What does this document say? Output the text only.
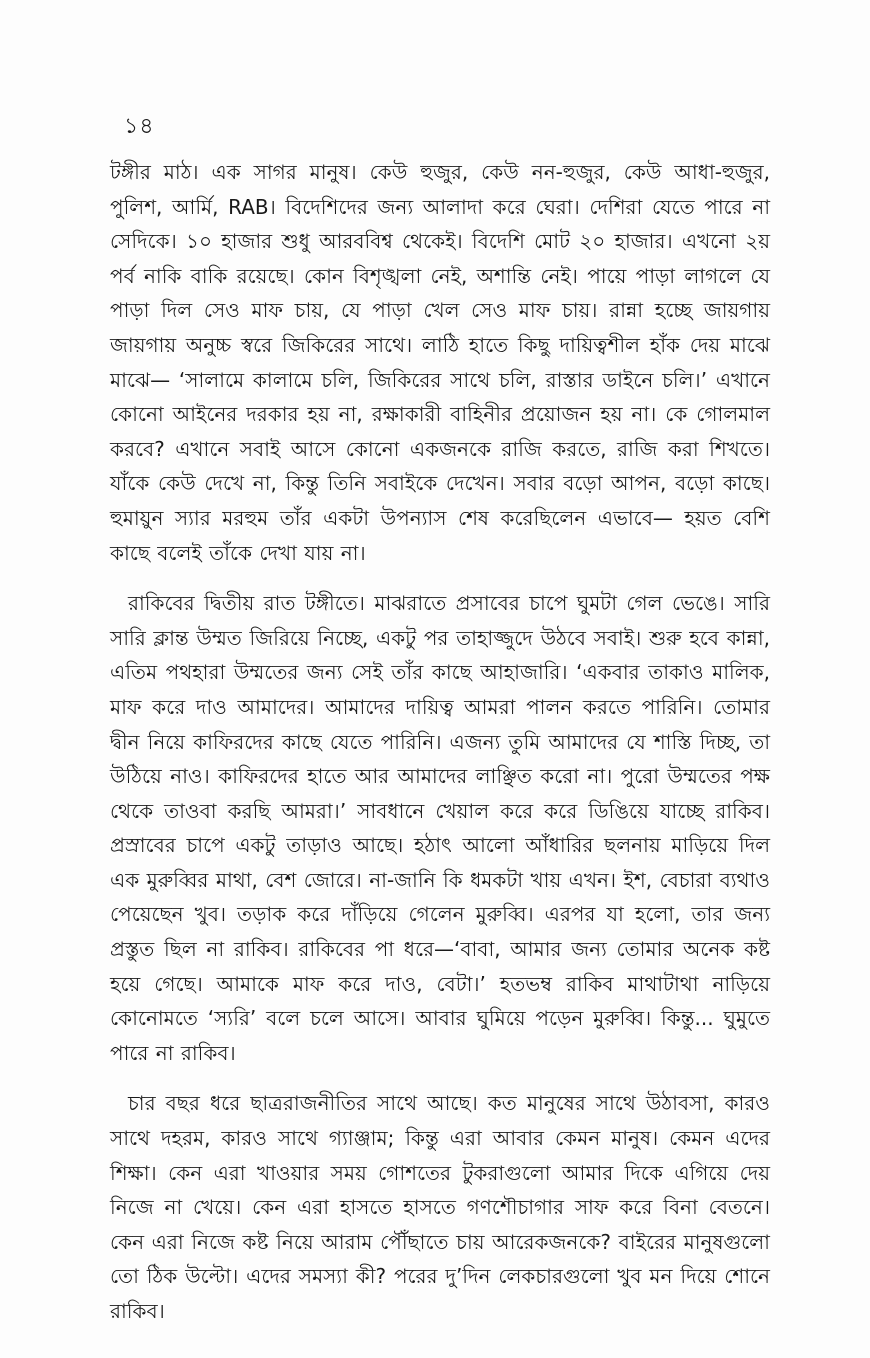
১৪

টঙ্গীর মাঠ। এক সাগর মানুষ। কেউ হুজুর, কেউ নন-হুজুর, কেউ আধা-হুজুর, পুলিশ, আর্মি, RAB। বিদেশিদের জন্য আলাদা করে ঘেরা। দেশিরা যেতে পারে না সেদিকে। ১০ হাজার শুধু আরববিশ্ব থেকেই। বিদেশি মোট ২০ হাজার। এখনো ২য় পর্ব নাকি বাকি রয়েছে। কোন বিশৃঙ্খলা নেই, অশান্তি নেই। পায়ে পাড়া লাগলে যে পাড়া দিল সেও মাফ চায়, যে পাড়া খেল সেও মাফ চায়। রান্না হচ্ছে জায়গায় জায়গায় অনুচ্চ স্বরে জিকিরের সাথে। লাঠি হাতে কিছু দায়িত্বশীল হাঁক দেয় মাঝে মাঝে— ‘সালামে কালামে চলি, জিকিরের সাথে চলি, রাস্তার ডাইনে চলি।’ এখানে কোনো আইনের দরকার হয় না, রক্ষাকারী বাহিনীর প্রয়োজন হয় না। কে গোলমাল করবে? এখানে সবাই আসে কোনো একজনকে রাজি করতে, রাজি করা শিখতে। যাঁকে কেউ দেখে না, কিন্তু তিনি সবাইকে দেখেন। সবার বড়ো আপন, বড়ো কাছে। হুমায়ুন স্যার মরহুম তাঁর একটা উপন্যাস শেষ করেছিলেন এভাবে— হয়ত বেশি কাছে বলেই তাঁকে দেখা যায় না।

রাকিবের দ্বিতীয় রাত টঙ্গীতে। মাঝরাতে প্রসাবের চাপে ঘুমটা গেল ভেঙে। সারি সারি ক্লান্ত উম্মত জিরিয়ে নিচ্ছে, একটু পর তাহাজ্জুদে উঠবে সবাই। শুরু হবে কান্না, এতিম পথহারা উম্মতের জন্য সেই তাঁর কাছে আহাজারি। ‘একবার তাকাও মালিক, মাফ করে দাও আমাদের। আমাদের দায়িত্ব আমরা পালন করতে পারিনি। তোমার দ্বীন নিয়ে কাফিরদের কাছে যেতে পারিনি। এজন্য তুমি আমাদের যে শাস্তি দিচ্ছ, তা উঠিয়ে নাও। কাফিরদের হাতে আর আমাদের লাঞ্ছিত করো না। পুরো উম্মতের পক্ষ থেকে তাওবা করছি আমরা।’ সাবধানে খেয়াল করে করে ডিঙিয়ে যাচ্ছে রাকিব। প্রস্রাবের চাপে একটু তাড়াও আছে। হঠাৎ আলো আঁধারির ছলনায় মাড়িয়ে দিল এক মুরুব্বির মাথা, বেশ জোরে। না-জানি কি ধমকটা খায় এখন। ইশ, বেচারা ব্যথাও পেয়েছেন খুব। তড়াক করে দাঁড়িয়ে গেলেন মুরুব্বি। এরপর যা হলো, তার জন্য প্রস্তুত ছিল না রাকিব। রাকিবের পা ধরে—‘বাবা, আমার জন্য তোমার অনেক কষ্ট হয়ে গেছে। আমাকে মাফ করে দাও, বেটা।’ হতভম্ব রাকিব মাথাটাথা নাড়িয়ে কোনোমতে ‘স্যরি’ বলে চলে আসে। আবার ঘুমিয়ে পড়েন মুরুব্বি। কিন্তু... ঘুমুতে পারে না রাকিব।

চার বছর ধরে ছাত্ররাজনীতির সাথে আছে। কত মানুষের সাথে উঠাবসা, কারও সাথে দহরম, কারও সাথে গ্যাঞ্জাম; কিন্তু এরা আবার কেমন মানুষ। কেমন এদের শিক্ষা। কেন এরা খাওয়ার সময় গোশতের টুকরাগুলো আমার দিকে এগিয়ে দেয় নিজে না খেয়ে। কেন এরা হাসতে হাসতে গণশৌচাগার সাফ করে বিনা বেতনে। কেন এরা নিজে কষ্ট নিয়ে আরাম পৌঁছাতে চায় আরেকজনকে? বাইরের মানুষগুলো তো ঠিক উল্টো। এদের সমস্যা কী? পরের দু’দিন লেকচারগুলো খুব মন দিয়ে শোনে রাকিব।
